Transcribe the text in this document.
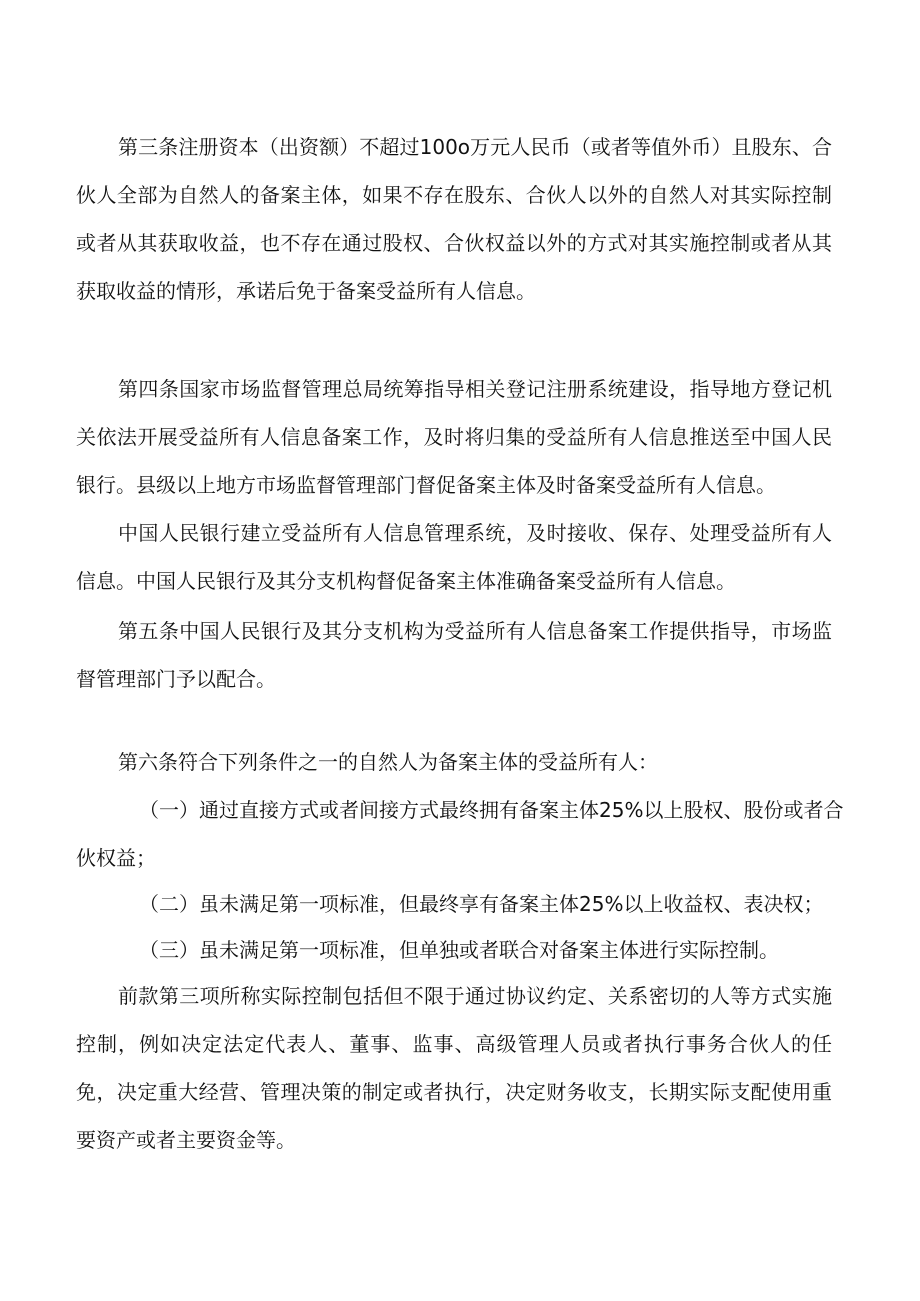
第三条注册资本（出资额）不超过100o万元人民币（或者等值外币）且股东、合
伙人全部为自然人的备案主体，如果不存在股东、合伙人以外的自然人对其实际控制
或者从其获取收益，也不存在通过股权、合伙权益以外的方式对其实施控制或者从其
获取收益的情形，承诺后免于备案受益所有人信息。
第四条国家市场监督管理总局统筹指导相关登记注册系统建设，指导地方登记机
关依法开展受益所有人信息备案工作，及时将归集的受益所有人信息推送至中国人民
银行。县级以上地方市场监督管理部门督促备案主体及时备案受益所有人信息。
中国人民银行建立受益所有人信息管理系统，及时接收、保存、处理受益所有人
信息。中国人民银行及其分支机构督促备案主体准确备案受益所有人信息。
第五条中国人民银行及其分支机构为受益所有人信息备案工作提供指导，市场监
督管理部门予以配合。
第六条符合下列条件之一的自然人为备案主体的受益所有人：
（一）通过直接方式或者间接方式最终拥有备案主体25%以上股权、股份或者合
伙权益；
（二）虽未满足第一项标准，但最终享有备案主体25%以上收益权、表决权；
（三）虽未满足第一项标准，但单独或者联合对备案主体进行实际控制。
前款第三项所称实际控制包括但不限于通过协议约定、关系密切的人等方式实施
控制，例如决定法定代表人、董事、监事、高级管理人员或者执行事务合伙人的任
免，决定重大经营、管理决策的制定或者执行，决定财务收支，长期实际支配使用重
要资产或者主要资金等。
